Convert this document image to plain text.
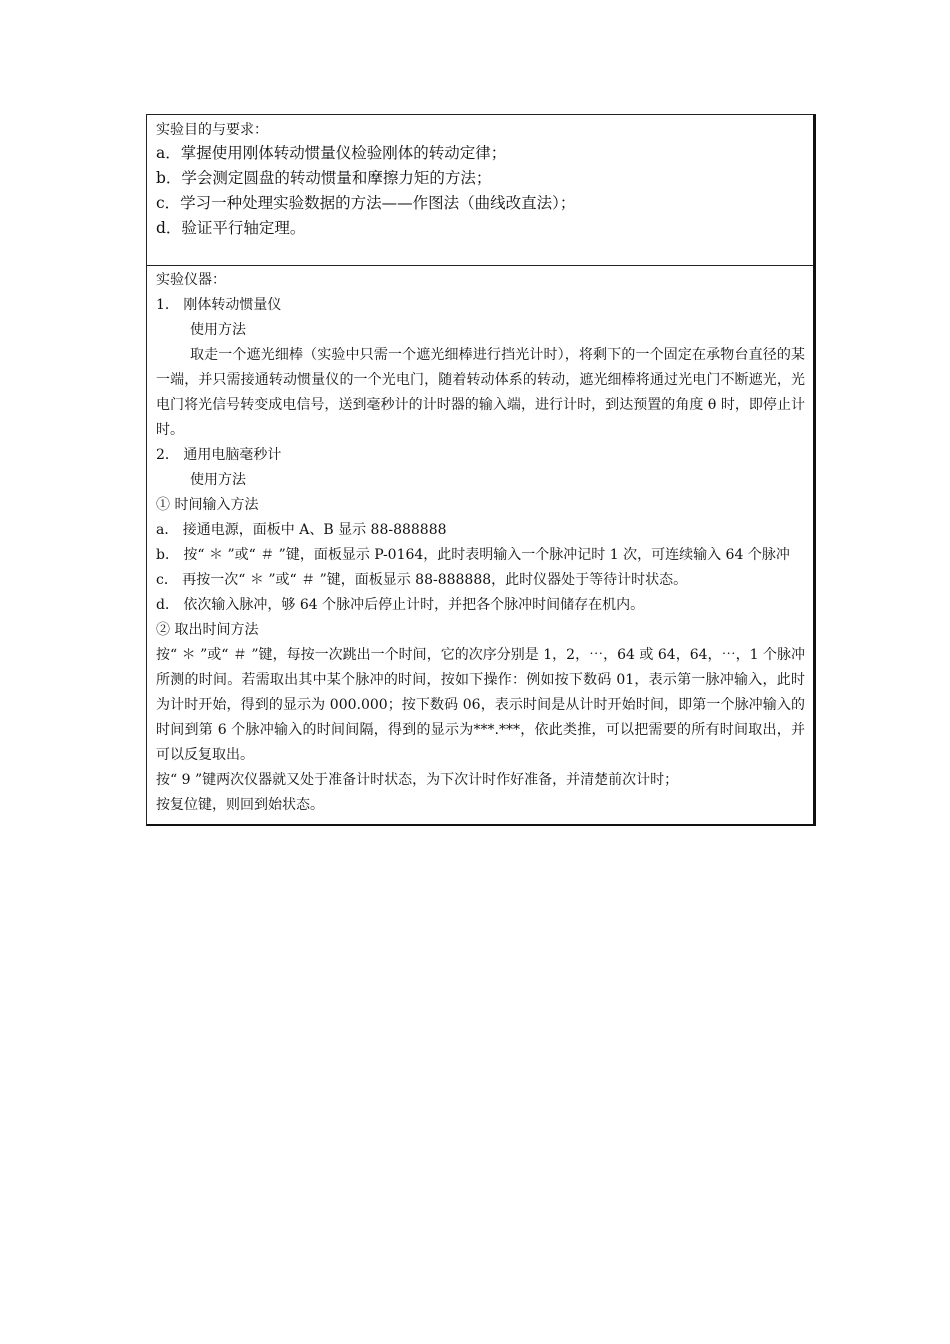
实验目的与要求：
a．掌握使用刚体转动惯量仪检验刚体的转动定律；
b．学会测定圆盘的转动惯量和摩擦力矩的方法；
c．学习一种处理实验数据的方法——作图法（曲线改直法）；
d．验证平行轴定理。
实验仪器：
1． 刚体转动惯量仪
使用方法
取走一个遮光细棒（实验中只需一个遮光细棒进行挡光计时），将剩下的一个固定在承物台直径的某一端，并只需接通转动惯量仪的一个光电门，随着转动体系的转动，遮光细棒将通过光电门不断遮光，光电门将光信号转变成电信号，送到毫秒计的计时器的输入端，进行计时，到达预置的角度 θ 时，即停止计时。
2． 通用电脑毫秒计
使用方法
① 时间输入方法
a． 接通电源，面板中 A、B 显示 88-888888
b． 按“ ＊ ”或“ ＃ ”键，面板显示 P-0164，此时表明输入一个脉冲记时 1 次，可连续输入 64 个脉冲
c． 再按一次“ ＊ ”或“ ＃ ”键，面板显示 88-888888，此时仪器处于等待计时状态。
d． 依次输入脉冲，够 64 个脉冲后停止计时，并把各个脉冲时间储存在机内。
② 取出时间方法
按“ ＊ ”或“ ＃ ”键，每按一次跳出一个时间，它的次序分别是 1，2，⋯，64 或 64，64，⋯，1 个脉冲所测的时间。若需取出其中某个脉冲的时间，按如下操作：例如按下数码 01，表示第一脉冲输入，此时为计时开始，得到的显示为 000.000；按下数码 06，表示时间是从计时开始时间，即第一个脉冲输入的时间到第 6 个脉冲输入的时间间隔，得到的显示为***.***，依此类推，可以把需要的所有时间取出，并可以反复取出。
按“ 9 ”键两次仪器就又处于准备计时状态，为下次计时作好准备，并清楚前次计时；
按复位键，则回到始状态。
